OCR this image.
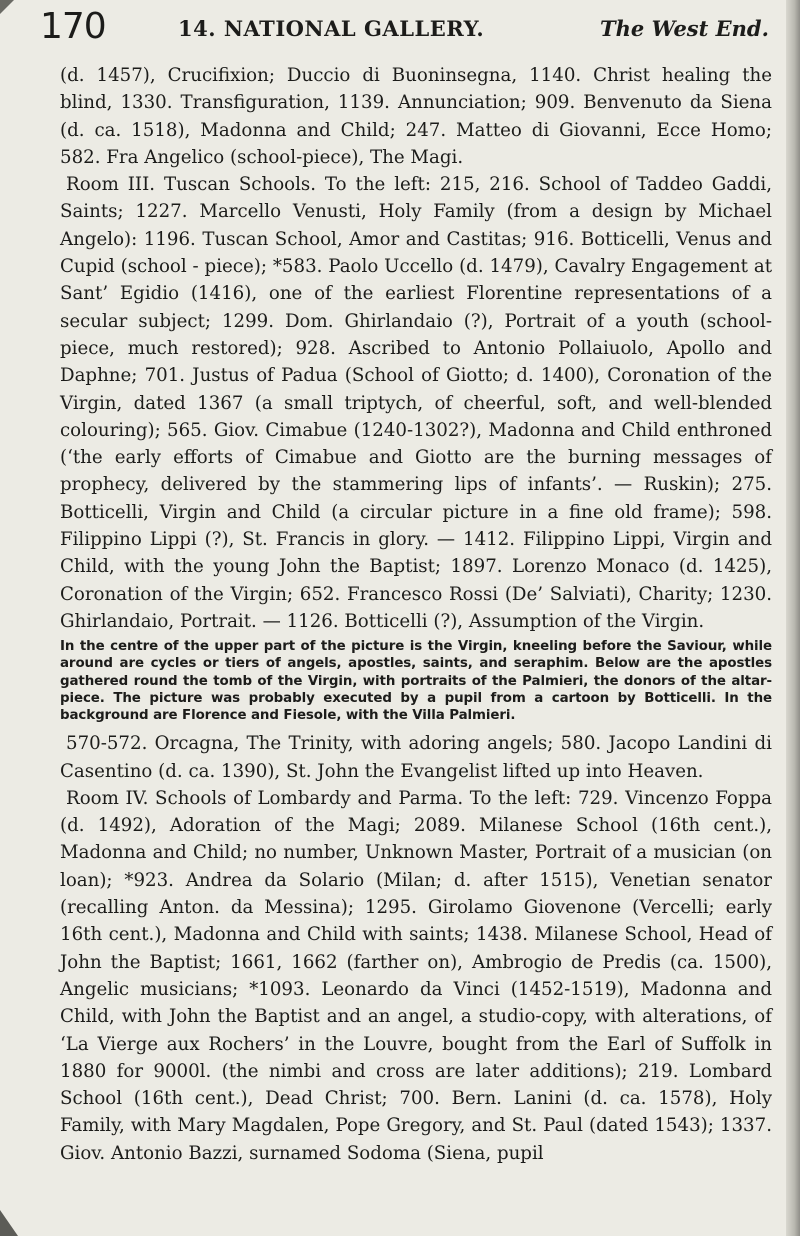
170	14. NATIONAL GALLERY.	The West End.

(d. 1457), Crucifixion; Duccio di Buoninsegna, 1140. Christ healing the blind, 1330. Transfiguration, 1139. Annunciation; 909. Benvenuto da Siena (d. ca. 1518), Madonna and Child; 247. Matteo di Giovanni, Ecce Homo; 582. Fra Angelico (school-piece), The Magi.

Room III. Tuscan Schools. To the left: 215, 216. School of Taddeo Gaddi, Saints; 1227. Marcello Venusti, Holy Family (from a design by Michael Angelo): 1196. Tuscan School, Amor and Castitas; 916. Botticelli, Venus and Cupid (school - piece); *583. Paolo Uccello (d. 1479), Cavalry Engagement at Sant’ Egidio (1416), one of the earliest Florentine representations of a secular subject; 1299. Dom. Ghirlandaio (?), Portrait of a youth (school-piece, much restored); 928. Ascribed to Antonio Pollaiuolo, Apollo and Daphne; 701. Justus of Padua (School of Giotto; d. 1400), Coronation of the Virgin, dated 1367 (a small triptych, of cheerful, soft, and well-blended colouring); 565. Giov. Cimabue (1240-1302?), Madonna and Child enthroned (‘the early efforts of Cimabue and Giotto are the burning messages of prophecy, delivered by the stammering lips of infants’. — Ruskin); 275. Botticelli, Virgin and Child (a circular picture in a fine old frame); 598. Filippino Lippi (?), St. Francis in glory. — 1412. Filippino Lippi, Virgin and Child, with the young John the Baptist; 1897. Lorenzo Monaco (d. 1425), Coronation of the Virgin; 652. Francesco Rossi (De’ Salviati), Charity; 1230. Ghirlandaio, Portrait. — 1126. Botticelli (?), Assumption of the Virgin.

In the centre of the upper part of the picture is the Virgin, kneeling before the Saviour, while around are cycles or tiers of angels, apostles, saints, and seraphim. Below are the apostles gathered round the tomb of the Virgin, with portraits of the Palmieri, the donors of the altar-piece. The picture was probably executed by a pupil from a cartoon by Botticelli. In the background are Florence and Fiesole, with the Villa Palmieri.

570-572. Orcagna, The Trinity, with adoring angels; 580. Jacopo Landini di Casentino (d. ca. 1390), St. John the Evangelist lifted up into Heaven.

Room IV. Schools of Lombardy and Parma. To the left: 729. Vincenzo Foppa (d. 1492), Adoration of the Magi; 2089. Milanese School (16th cent.), Madonna and Child; no number, Unknown Master, Portrait of a musician (on loan); *923. Andrea da Solario (Milan; d. after 1515), Venetian senator (recalling Anton. da Messina); 1295. Girolamo Giovenone (Vercelli; early 16th cent.), Madonna and Child with saints; 1438. Milanese School, Head of John the Baptist; 1661, 1662 (farther on), Ambrogio de Predis (ca. 1500), Angelic musicians; *1093. Leonardo da Vinci (1452-1519), Madonna and Child, with John the Baptist and an angel, a studio-copy, with alterations, of ‘La Vierge aux Rochers’ in the Louvre, bought from the Earl of Suffolk in 1880 for 9000l. (the nimbi and cross are later additions); 219. Lombard School (16th cent.), Dead Christ; 700. Bern. Lanini (d. ca. 1578), Holy Family, with Mary Magdalen, Pope Gregory, and St. Paul (dated 1543); 1337. Giov. Antonio Bazzi, surnamed Sodoma (Siena, pupil
